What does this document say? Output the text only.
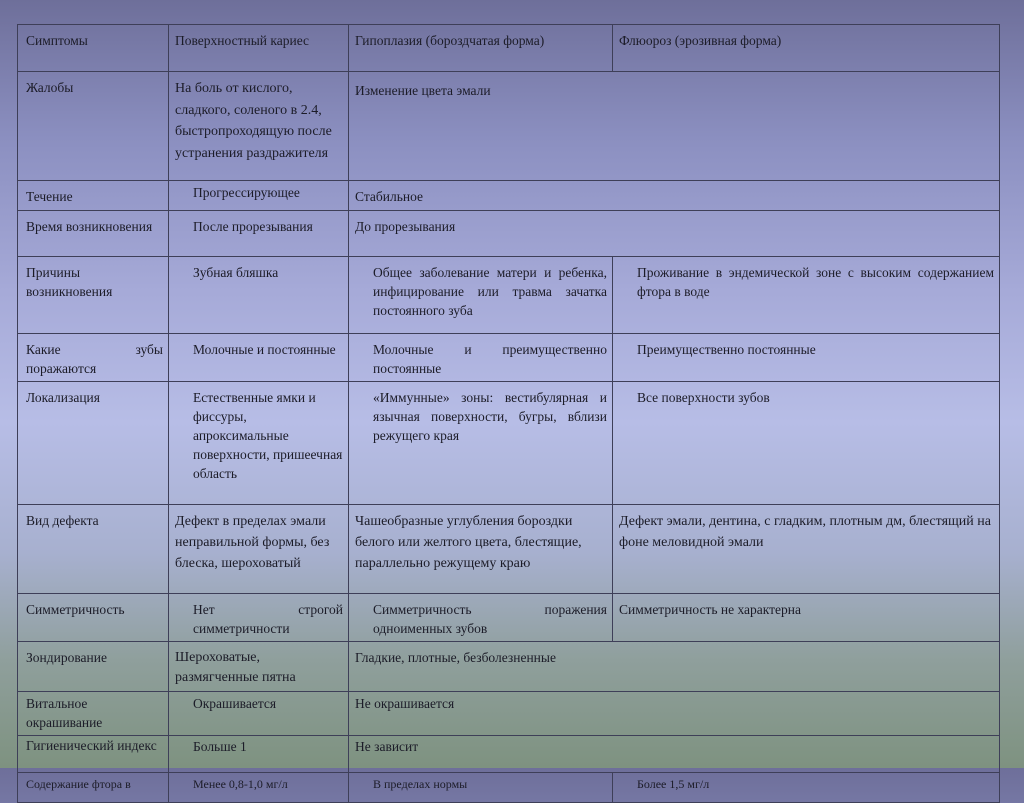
Симптомы	Поверхностный кариес	Гипоплазия (бороздчатая форма)	Флюороз (эрозивная форма)
Жалобы	На боль от кислого, сладкого, соленого в 2.4, быстропроходящую после устранения раздражителя	Изменение цвета эмали	
Течение	Прогрессирующее	Стабильное	
Время возникновения	После прорезывания	До прорезывания	
Причины возникновения	Зубная бляшка	Общее заболевание матери и ребенка, инфицирование или травма зачатка постоянного зуба	Проживание в эндемической зоне с высоким содержанием фтора в воде
Какие зубы поражаются	Молочные и постоянные	Молочные и преимущественно постоянные	Преимущественно постоянные
Локализация	Естественные ямки и фиссуры, апроксимальные поверхности, пришеечная область	«Иммунные» зоны: вестибулярная и язычная поверхности, бугры, вблизи режущего края	Все поверхности зубов
Вид дефекта	Дефект в пределах эмали неправильной формы, без блеска, шероховатый	Чашеобразные углубления бороздки белого или желтого цвета, блестящие, параллельно режущему краю	Дефект эмали, дентина, с гладким, плотным дм, блестящий на фоне меловидной эмали
Симметричность	Нет строгой симметричности	Симметричность поражения одноименных зубов	Симметричность не характерна
Зондирование	Шероховатые, размягченные пятна	Гладкие, плотные, безболезненные	
Витальное окрашивание	Окрашивается	Не окрашивается	
Гигиенический индекс	Больше 1	Не зависит	
Содержание фтора в	Менее 0,8-1,0 мг/л	В пределах нормы	Более 1,5 мг/л
